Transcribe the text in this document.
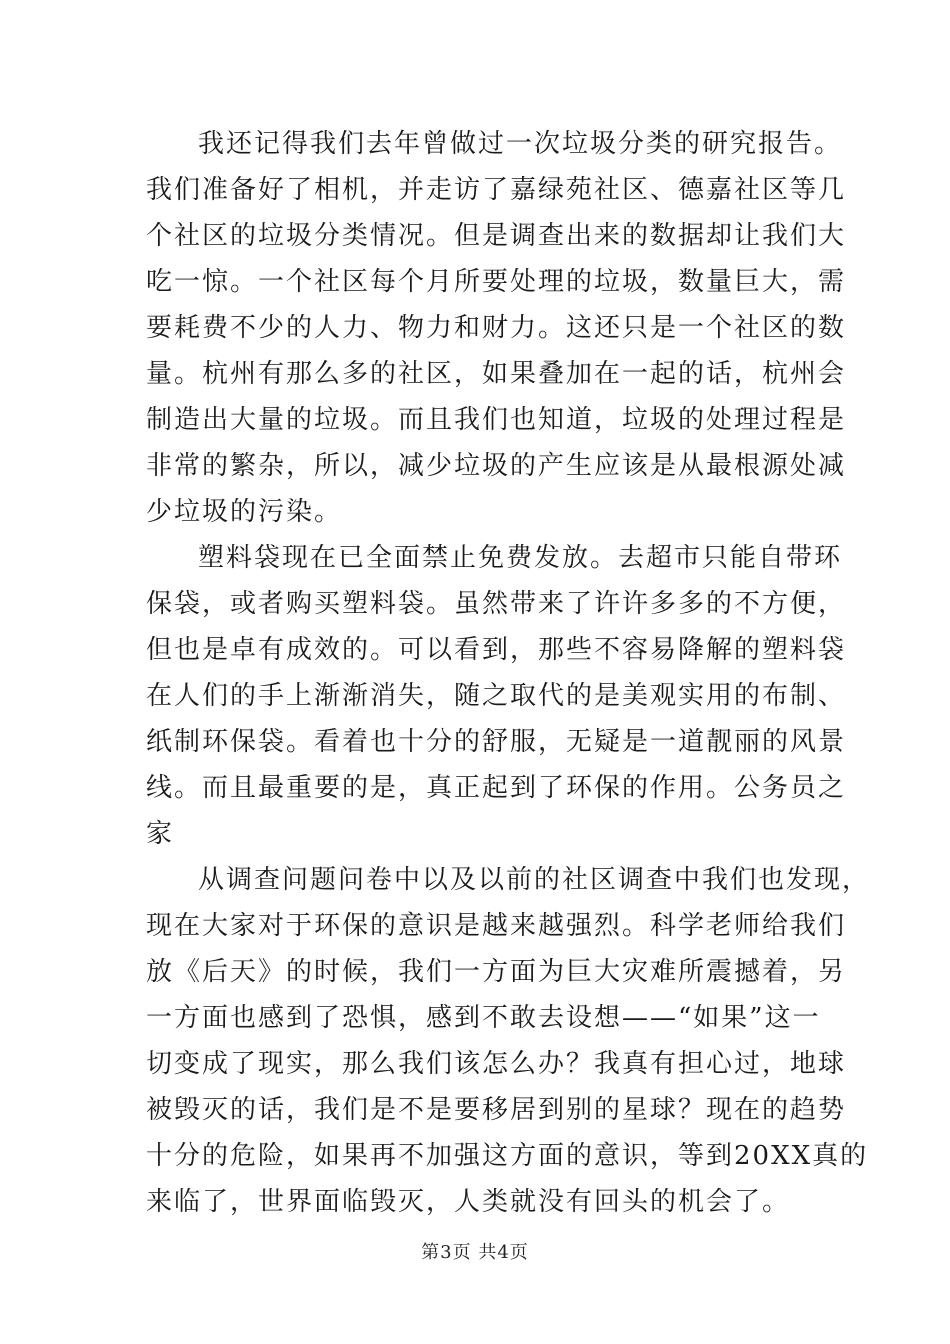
我还记得我们去年曾做过一次垃圾分类的研究报告。
我们准备好了相机，并走访了嘉绿苑社区、德嘉社区等几
个社区的垃圾分类情况。但是调查出来的数据却让我们大
吃一惊。一个社区每个月所要处理的垃圾，数量巨大，需
要耗费不少的人力、物力和财力。这还只是一个社区的数
量。杭州有那么多的社区，如果叠加在一起的话，杭州会
制造出大量的垃圾。而且我们也知道，垃圾的处理过程是
非常的繁杂，所以，减少垃圾的产生应该是从最根源处减
少垃圾的污染。
塑料袋现在已全面禁止免费发放。去超市只能自带环
保袋，或者购买塑料袋。虽然带来了许许多多的不方便，
但也是卓有成效的。可以看到，那些不容易降解的塑料袋
在人们的手上渐渐消失，随之取代的是美观实用的布制、
纸制环保袋。看着也十分的舒服，无疑是一道靓丽的风景
线。而且最重要的是，真正起到了环保的作用。公务员之
家
从调查问题问卷中以及以前的社区调查中我们也发现，
现在大家对于环保的意识是越来越强烈。科学老师给我们
放《后天》的时候，我们一方面为巨大灾难所震撼着，另
一方面也感到了恐惧，感到不敢去设想——“如果”这一
切变成了现实，那么我们该怎么办？我真有担心过，地球
被毁灭的话，我们是不是要移居到别的星球？现在的趋势
十分的危险，如果再不加强这方面的意识，等到20XX真的
来临了，世界面临毁灭，人类就没有回头的机会了。
第3页 共4页
